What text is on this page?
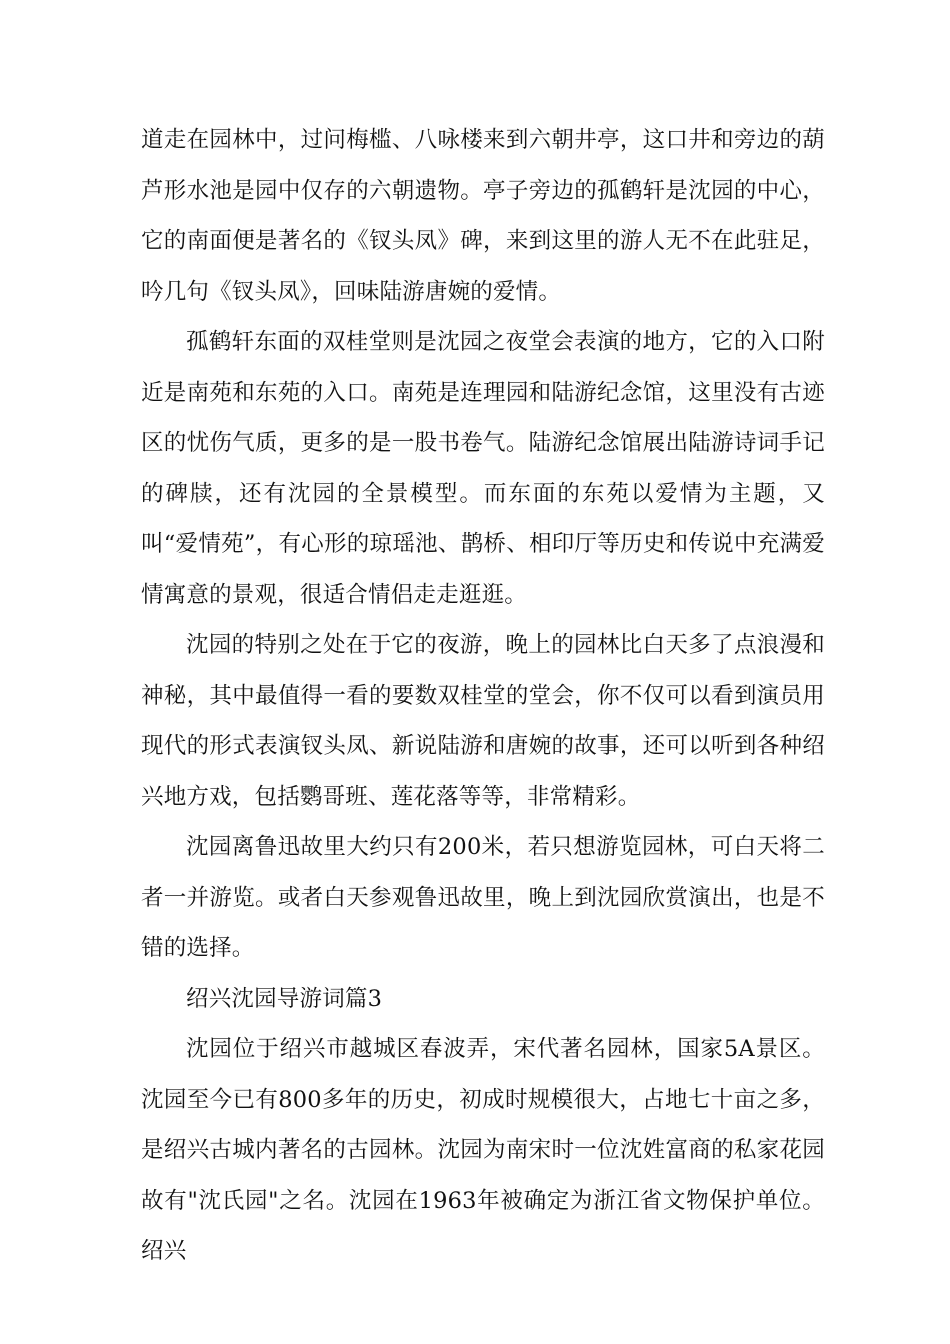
道走在园林中，过问梅槛、八咏楼来到六朝井亭，这口井和旁边的葫芦形水池是园中仅存的六朝遗物。亭子旁边的孤鹤轩是沈园的中心，它的南面便是著名的《钗头凤》碑，来到这里的游人无不在此驻足，吟几句《钗头凤》，回味陆游唐婉的爱情。

孤鹤轩东面的双桂堂则是沈园之夜堂会表演的地方，它的入口附近是南苑和东苑的入口。南苑是连理园和陆游纪念馆，这里没有古迹区的忧伤气质，更多的是一股书卷气。陆游纪念馆展出陆游诗词手记的碑牍，还有沈园的全景模型。而东面的东苑以爱情为主题，又叫“爱情苑”，有心形的琼瑶池、鹊桥、相印厅等历史和传说中充满爱情寓意的景观，很适合情侣走走逛逛。

沈园的特别之处在于它的夜游，晚上的园林比白天多了点浪漫和神秘，其中最值得一看的要数双桂堂的堂会，你不仅可以看到演员用现代的形式表演钗头凤、新说陆游和唐婉的故事，还可以听到各种绍兴地方戏，包括鹦哥班、莲花落等等，非常精彩。

沈园离鲁迅故里大约只有200米，若只想游览园林，可白天将二者一并游览。或者白天参观鲁迅故里，晚上到沈园欣赏演出，也是不错的选择。

绍兴沈园导游词篇3

沈园位于绍兴市越城区春波弄，宋代著名园林，国家5A景区。沈园至今已有800多年的历史，初成时规模很大，占地七十亩之多，是绍兴古城内著名的古园林。沈园为南宋时一位沈姓富商的私家花园故有"沈氏园"之名。沈园在1963年被确定为浙江省文物保护单位。绍兴
